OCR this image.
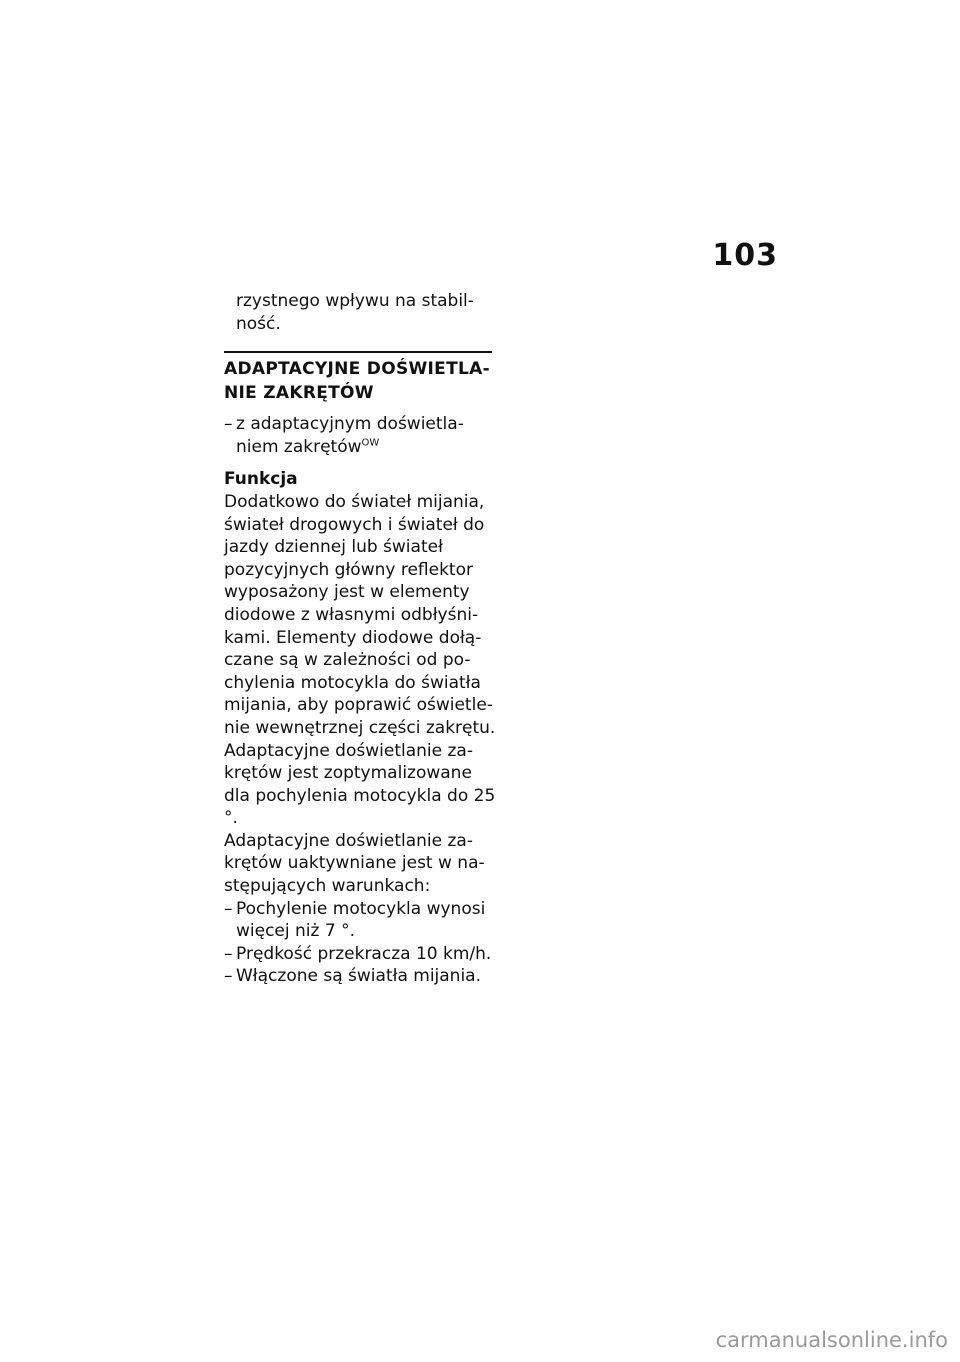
103
rzystnego wpływu na stabil-
ność.
ADAPTACYJNE DOŚWIETLA-
NIE ZAKRĘTÓW
– z adaptacyjnym doświetla-
niem zakrętów$^{OW}$
Funkcja

Dodatkowo do świateł mijania, świateł drogowych i świateł do jazdy dziennej lub świateł pozycyjnych główny reflektor wyposażony jest w elementy diodowe z własnymi odbłyśni-kami. Elementy diodowe dołą-czane są w zależności od po-chylenia motocykla do światła mijania, aby poprawić oświetle-nie wewnętrznej części zakrętu.

Adaptacyjne doświetlanie za-krętów jest zoptymalizowane dla pochylenia motocykla do 25 °.

Adaptacyjne doświetlanie za-krętów uaktywniane jest w na-stępujących warunkach:

– Pochylenie motocykla wynosi więcej niż 7 °.
– Prędkość przekracza 10 km/h.
– Włączone są światła mijania.
carmanualsonline.info
